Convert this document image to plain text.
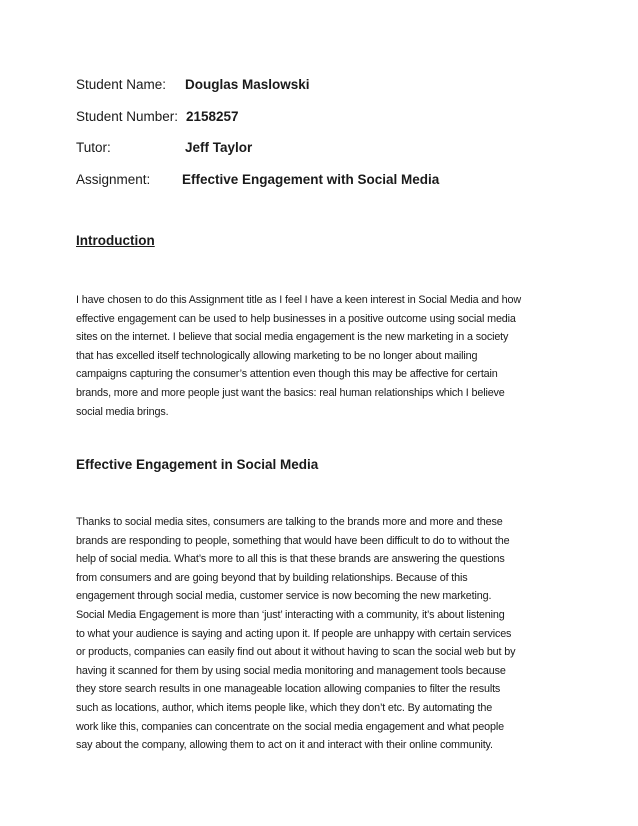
Student Name: Douglas Maslowski
Student Number: 2158257
Tutor:	Jeff Taylor
Assignment: Effective Engagement with Social Media
Introduction
I have chosen to do this Assignment title as I feel I have a keen interest in Social Media and how
effective engagement can be used to help businesses in a positive outcome using social media
sites on the internet. I believe that social media engagement is the new marketing in a society
that has excelled itself technologically allowing marketing to be no longer about mailing
campaigns capturing the consumer’s attention even though this may be affective for certain
brands, more and more people just want the basics: real human relationships which I believe
social media brings.
Effective Engagement in Social Media
Thanks to social media sites, consumers are talking to the brands more and more and these
brands are responding to people, something that would have been difficult to do to without the
help of social media. What’s more to all this is that these brands are answering the questions
from consumers and are going beyond that by building relationships. Because of this
engagement through social media, customer service is now becoming the new marketing.
Social Media Engagement is more than ‘just’ interacting with a community, it’s about listening
to what your audience is saying and acting upon it. If people are unhappy with certain services
or products, companies can easily find out about it without having to scan the social web but by
having it scanned for them by using social media monitoring and management tools because
they store search results in one manageable location allowing companies to filter the results
such as locations, author, which items people like, which they don’t etc. By automating the
work like this, companies can concentrate on the social media engagement and what people
say about the company, allowing them to act on it and interact with their online community.
